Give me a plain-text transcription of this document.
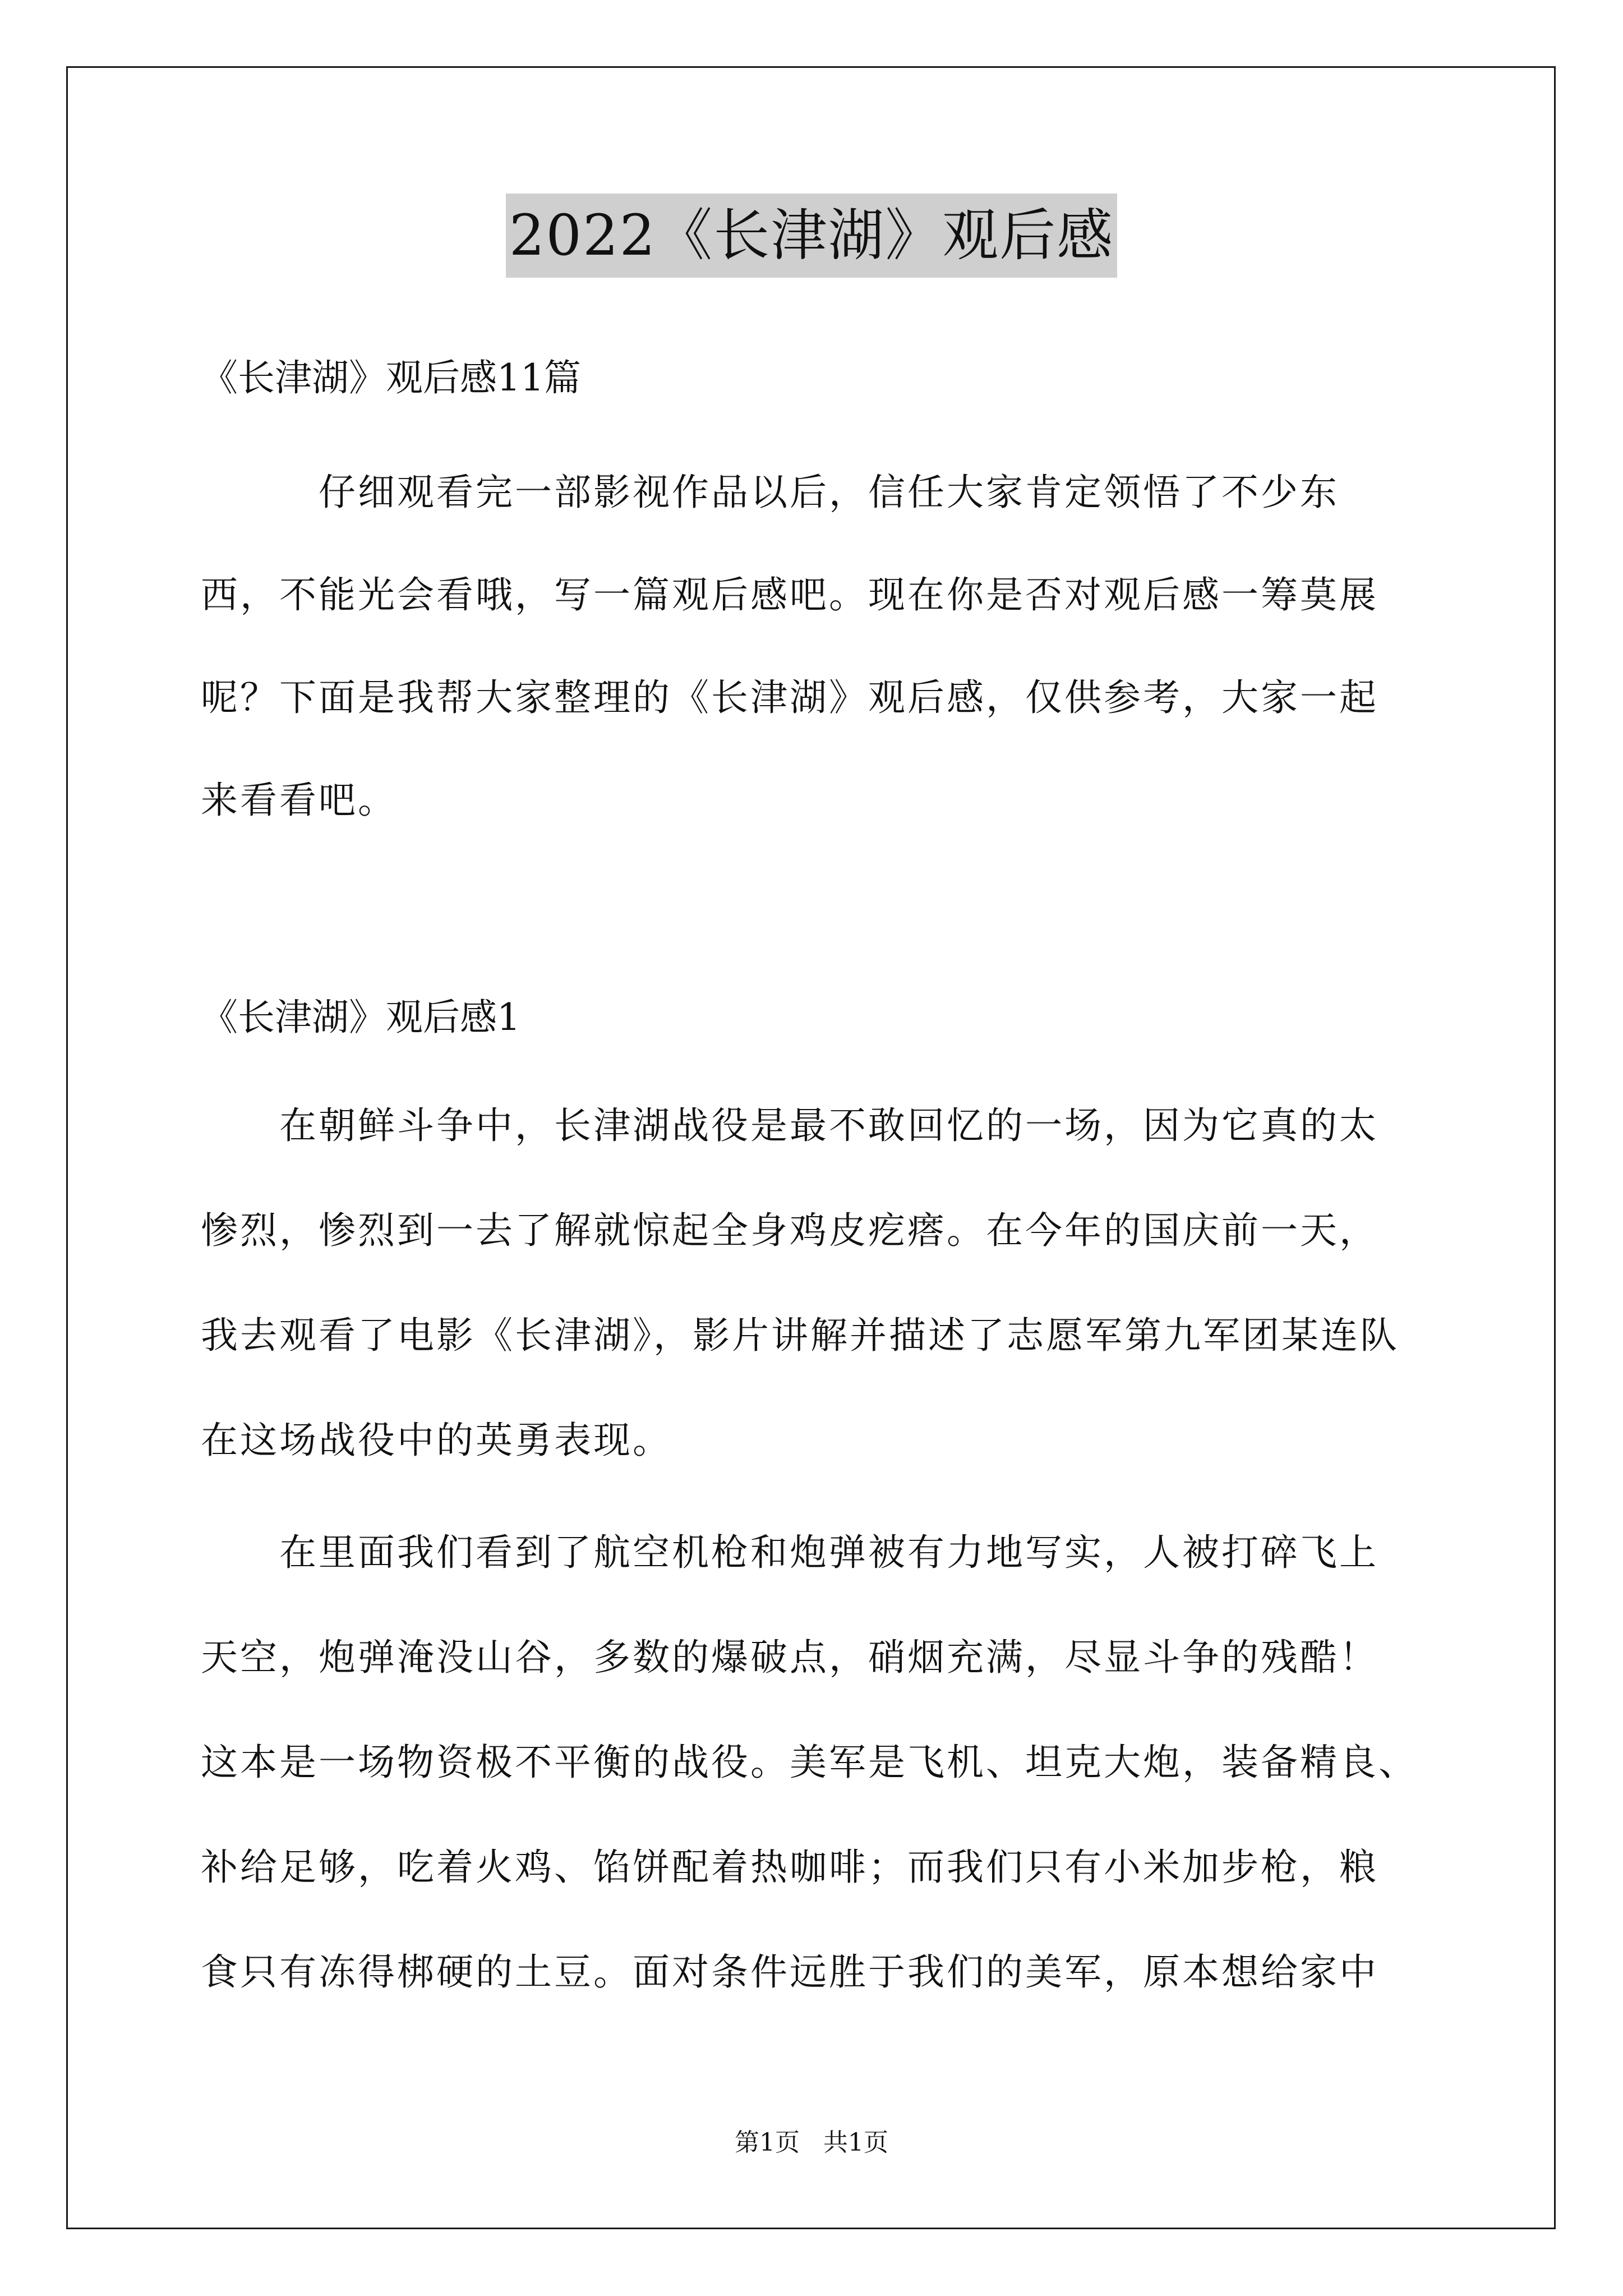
2022《长津湖》观后感
《长津湖》观后感11篇
　　　仔细观看完一部影视作品以后，信任大家肯定领悟了不少东
西，不能光会看哦，写一篇观后感吧。现在你是否对观后感一筹莫展
呢？下面是我帮大家整理的《长津湖》观后感，仅供参考，大家一起
来看看吧。
《长津湖》观后感1
　　在朝鲜斗争中，长津湖战役是最不敢回忆的一场，因为它真的太
惨烈，惨烈到一去了解就惊起全身鸡皮疙瘩。在今年的国庆前一天，
我去观看了电影《长津湖》，影片讲解并描述了志愿军第九军团某连队
在这场战役中的英勇表现。
　　在里面我们看到了航空机枪和炮弹被有力地写实，人被打碎飞上
天空，炮弹淹没山谷，多数的爆破点，硝烟充满，尽显斗争的残酷！
这本是一场物资极不平衡的战役。美军是飞机、坦克大炮，装备精良、
补给足够，吃着火鸡、馅饼配着热咖啡；而我们只有小米加步枪，粮
食只有冻得梆硬的土豆。面对条件远胜于我们的美军，原本想给家中
第1页   共1页
